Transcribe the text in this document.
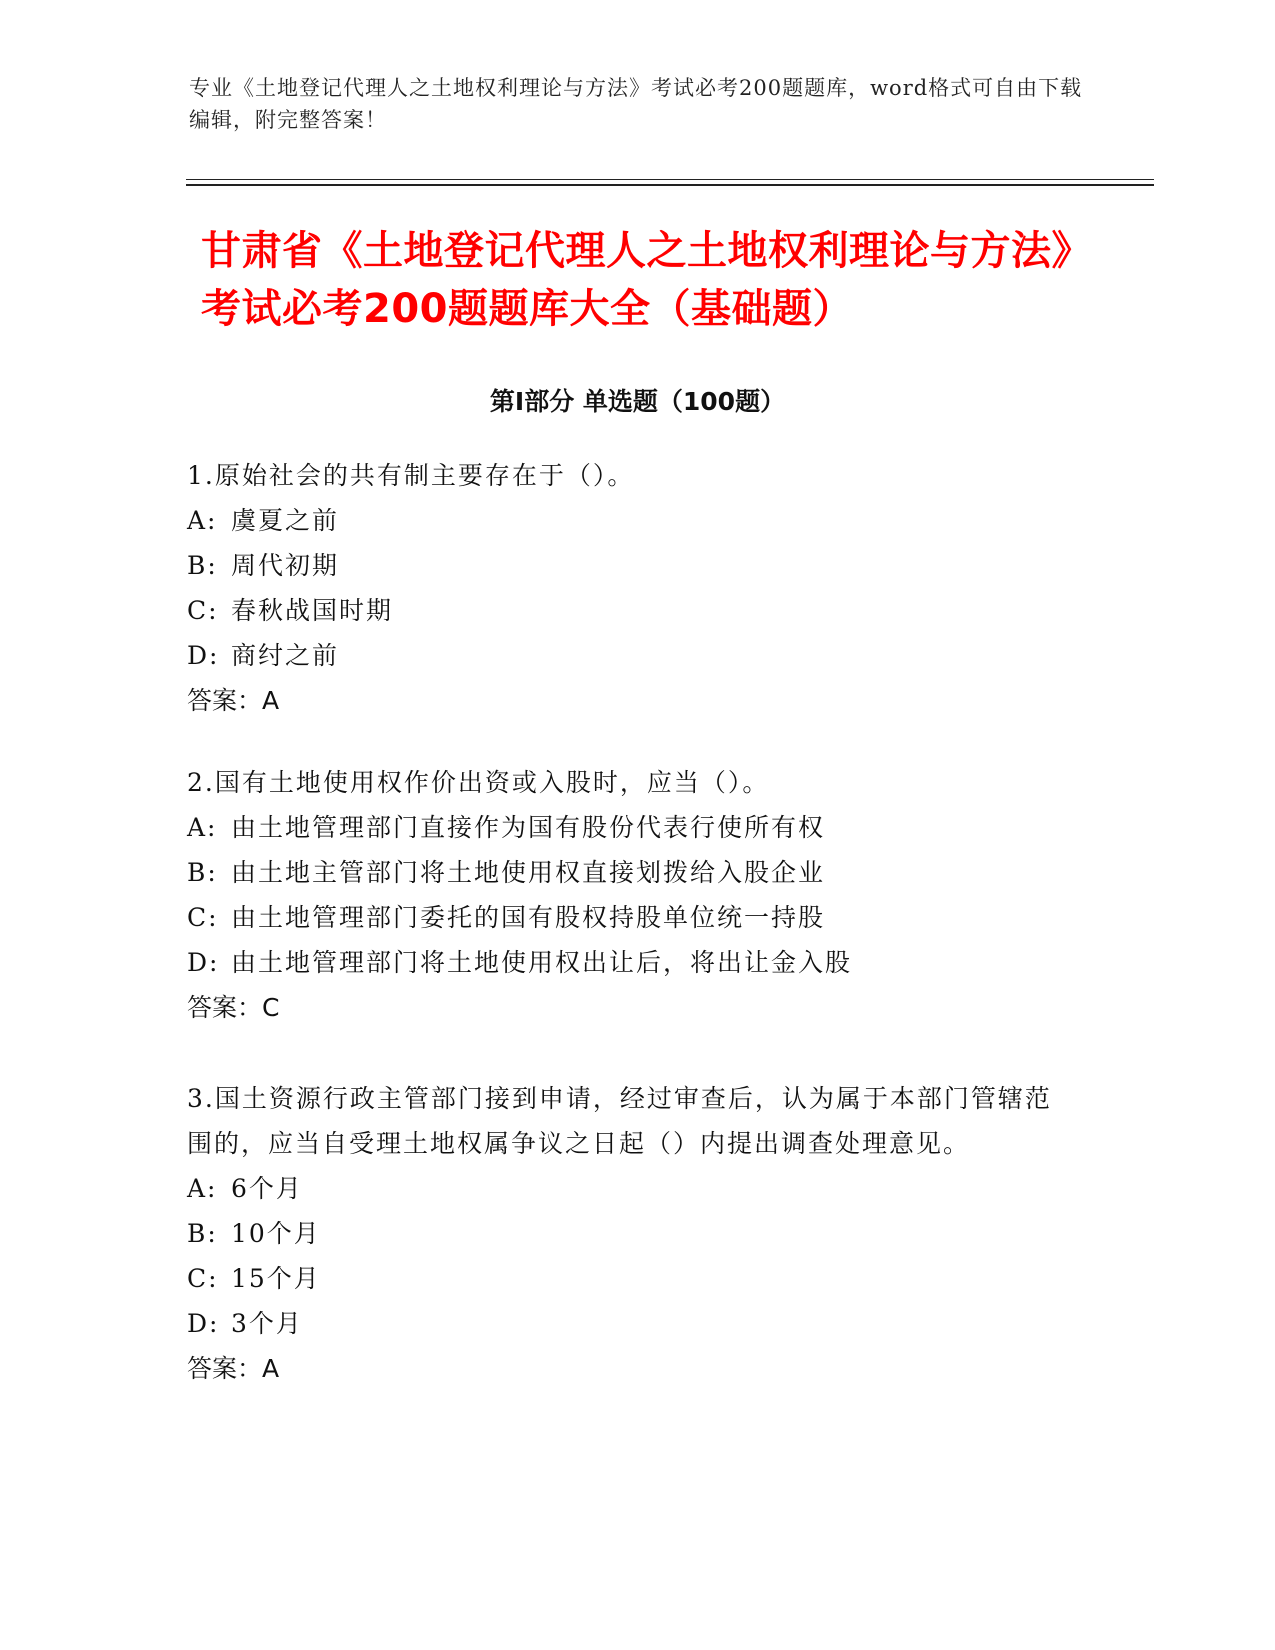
专业《土地登记代理人之土地权利理论与方法》考试必考200题题库，word格式可自由下载编辑，附完整答案！
甘肃省《土地登记代理人之土地权利理论与方法》考试必考200题题库大全（基础题）
第Ⅰ部分 单选题（100题）

1.原始社会的共有制主要存在于（）。

A: 虞夏之前

B: 周代初期

C: 春秋战国时期

D: 商纣之前

答案：A

2.国有土地使用权作价出资或入股时，应当（）。

A: 由土地管理部门直接作为国有股份代表行使所有权

B: 由土地主管部门将土地使用权直接划拨给入股企业

C: 由土地管理部门委托的国有股权持股单位统一持股

D: 由土地管理部门将土地使用权出让后，将出让金入股

答案：C

3.国土资源行政主管部门接到申请，经过审查后，认为属于本部门管辖范围的，应当自受理土地权属争议之日起（）内提出调查处理意见。

A: 6个月

B: 10个月

C: 15个月

D: 3个月

答案：A
